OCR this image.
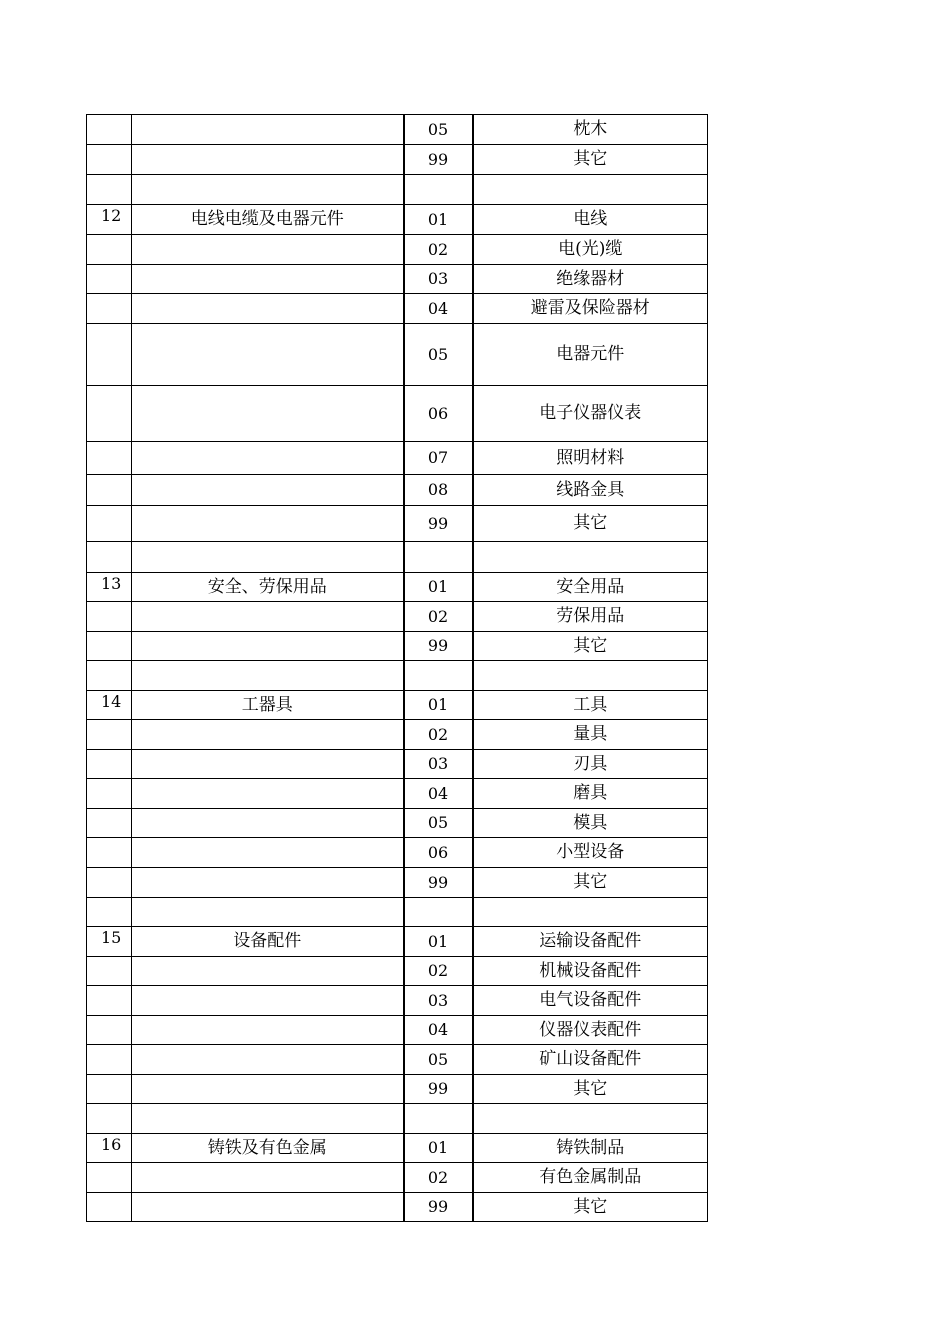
		05	枕木
		99	其它

12	电线电缆及电器元件	01	电线
		02	电(光)缆
		03	绝缘器材
		04	避雷及保险器材
		05	电器元件
		06	电子仪器仪表
		07	照明材料
		08	线路金具
		99	其它

13	安全、劳保用品	01	安全用品
		02	劳保用品
		99	其它

14	工器具	01	工具
		02	量具
		03	刃具
		04	磨具
		05	模具
		06	小型设备
		99	其它

15	设备配件	01	运输设备配件
		02	机械设备配件
		03	电气设备配件
		04	仪器仪表配件
		05	矿山设备配件
		99	其它

16	铸铁及有色金属	01	铸铁制品
		02	有色金属制品
		99	其它
